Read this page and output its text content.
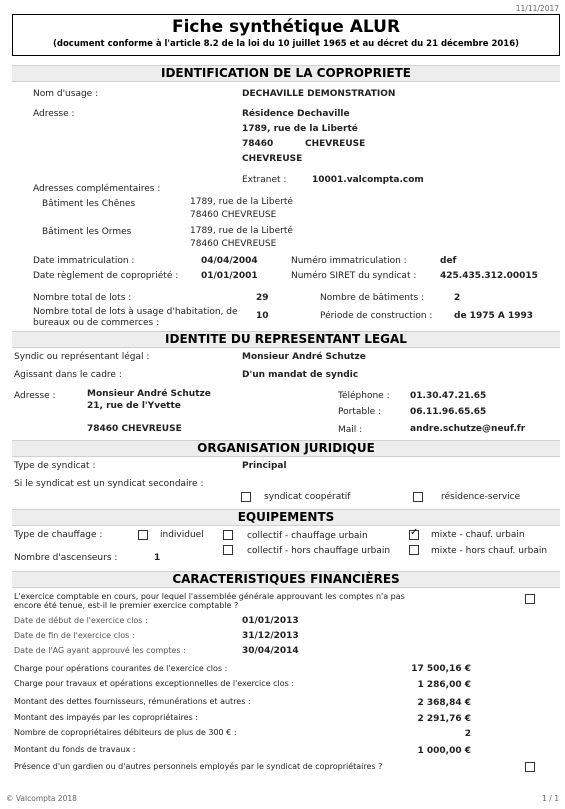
11/11/2017
Fiche synthétique ALUR
(document conforme à l'article 8.2 de la loi du 10 juillet 1965 et au décret du 21 décembre 2016)
IDENTIFICATION DE LA COPROPRIETE
Nom d'usage :	DECHAVILLE DEMONSTRATION
Adresse :	Résidence Dechaville
1789, rue de la Liberté
78460	CHEVREUSE
CHEVREUSE
Extranet :	10001.valcompta.com
Adresses complémentaires :
Bâtiment les Chênes	1789, rue de la Liberté
78460 CHEVREUSE
Bâtiment les Ormes	1789, rue de la Liberté
78460 CHEVREUSE
Date immatriculation :	04/04/2004	Numéro immatriculation :	def
Date règlement de copropriété :	01/01/2001	Numéro SIRET du syndicat :	425.435.312.00015
Nombre total de lots :	29	Nombre de bâtiments :	2
Nombre total de lots à usage d'habitation, de
bureaux ou de commerces :
10	Période de construction : de 1975 A 1993
IDENTITE DU REPRESENTANT LEGAL
Syndic ou représentant légal :	Monsieur André Schutze
Agissant dans le cadre :	D'un mandat de syndic
Adresse :	Monsieur André Schutze
21, rue de l'Yvette
78460 CHEVREUSE
Téléphone : 01.30.47.21.65
Portable :	06.11.96.65.65
Mail :	andre.schutze@neuf.fr
ORGANISATION JURIDIQUE
Type de syndicat :	Principal
Si le syndicat est un syndicat secondaire :
syndicat coopératif	résidence-service
EQUIPEMENTS
Type de chauffage :	individuel	collectif - chauffage urbain
✓	mixte - chauf. urbain
collectif - hors chauffage urbain	mixte - hors chauf. urbain
Nombre d'ascenseurs :	1
CARACTERISTIQUES FINANCIÈRES
L'exercice comptable en cours, pour lequel l'assemblée générale approuvant les comptes n'a pas
encore été tenue, est-il le premier exercice comptable ?
Date de début de l'exercice clos :	01/01/2013
Date de fin de l'exercice clos :	31/12/2013
Date de l'AG ayant approuvé les comptes :	30/04/2014
Charge pour opérations courantes de l'exercice clos :	17 500,16 €
Charge pour travaux et opérations exceptionnelles de l'exercice clos :	1 286,00 €
Montant des dettes fournisseurs, rémunérations et autres :	2 368,84 €
Montant des impayés par les copropriétaires :	2 291,76 €
Nombre de copropriétaires débiteurs de plus de 300 € :	2
Montant du fonds de travaux :	1 000,00 €
Présence d'un gardien ou d'autres personnels employés par le syndicat de copropriétaires ?
© Valcompta 2018	1 / 1
